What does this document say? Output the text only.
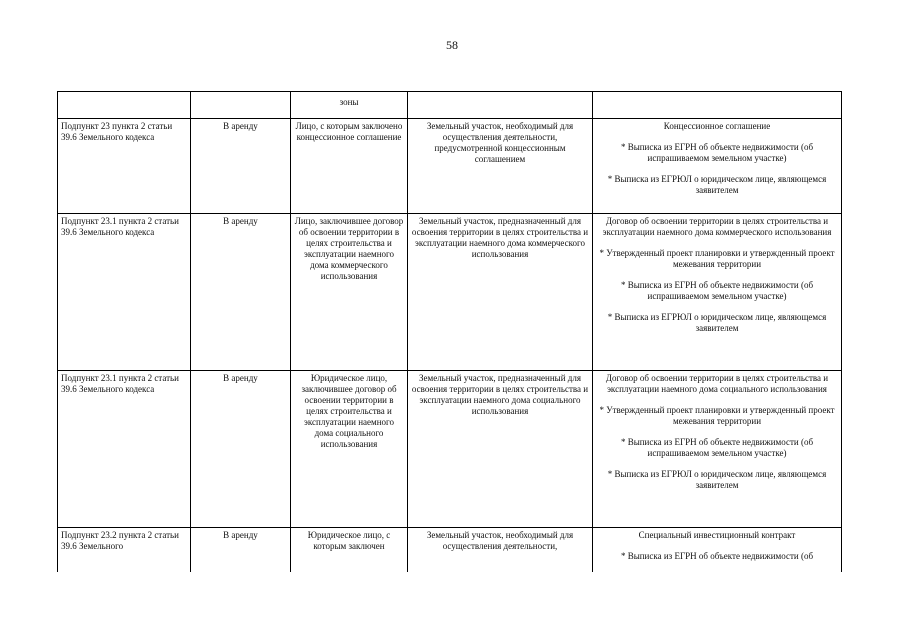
58
		зоны		
Подпункт 23 пункта 2 статьи 39.6 Земельного кодекса	В аренду	Лицо, с которым заключено концессионное соглашение	Земельный участок, необходимый для осуществления деятельности, предусмотренной концессионным соглашением	Концессионное соглашение

* Выписка из ЕГРН об объекте недвижимости (об испрашиваемом земельном участке)

* Выписка из ЕГРЮЛ о юридическом лице, являющемся заявителем

Подпункт 23.1 пункта 2 статьи 39.6 Земельного кодекса	В аренду	Лицо, заключившее договор об освоении территории в целях строительства и эксплуатации наемного дома коммерческого использования	Земельный участок, предназначенный для освоения территории в целях строительства и эксплуатации наемного дома коммерческого использования	Договор об освоении территории в целях строительства и эксплуатации наемного дома коммерческого использования

* Утвержденный проект планировки и утвержденный проект межевания территории

* Выписка из ЕГРН об объекте недвижимости (об испрашиваемом земельном участке)

* Выписка из ЕГРЮЛ о юридическом лице, являющемся заявителем

Подпункт 23.1 пункта 2 статьи 39.6 Земельного кодекса	В аренду	Юридическое лицо, заключившее договор об освоении территории в целях строительства и эксплуатации наемного дома социального использования	Земельный участок, предназначенный для освоения территории в целях строительства и эксплуатации наемного дома социального использования	Договор об освоении территории в целях строительства и эксплуатации наемного дома социального использования

* Утвержденный проект планировки и утвержденный проект межевания территории

* Выписка из ЕГРН об объекте недвижимости (об испрашиваемом земельном участке)

* Выписка из ЕГРЮЛ о юридическом лице, являющемся заявителем

Подпункт 23.2 пункта 2 статьи 39.6 Земельного	В аренду	Юридическое лицо, с которым заключен	Земельный участок, необходимый для осуществления деятельности,	Специальный инвестиционный контракт

* Выписка из ЕГРН об объекте недвижимости (об
